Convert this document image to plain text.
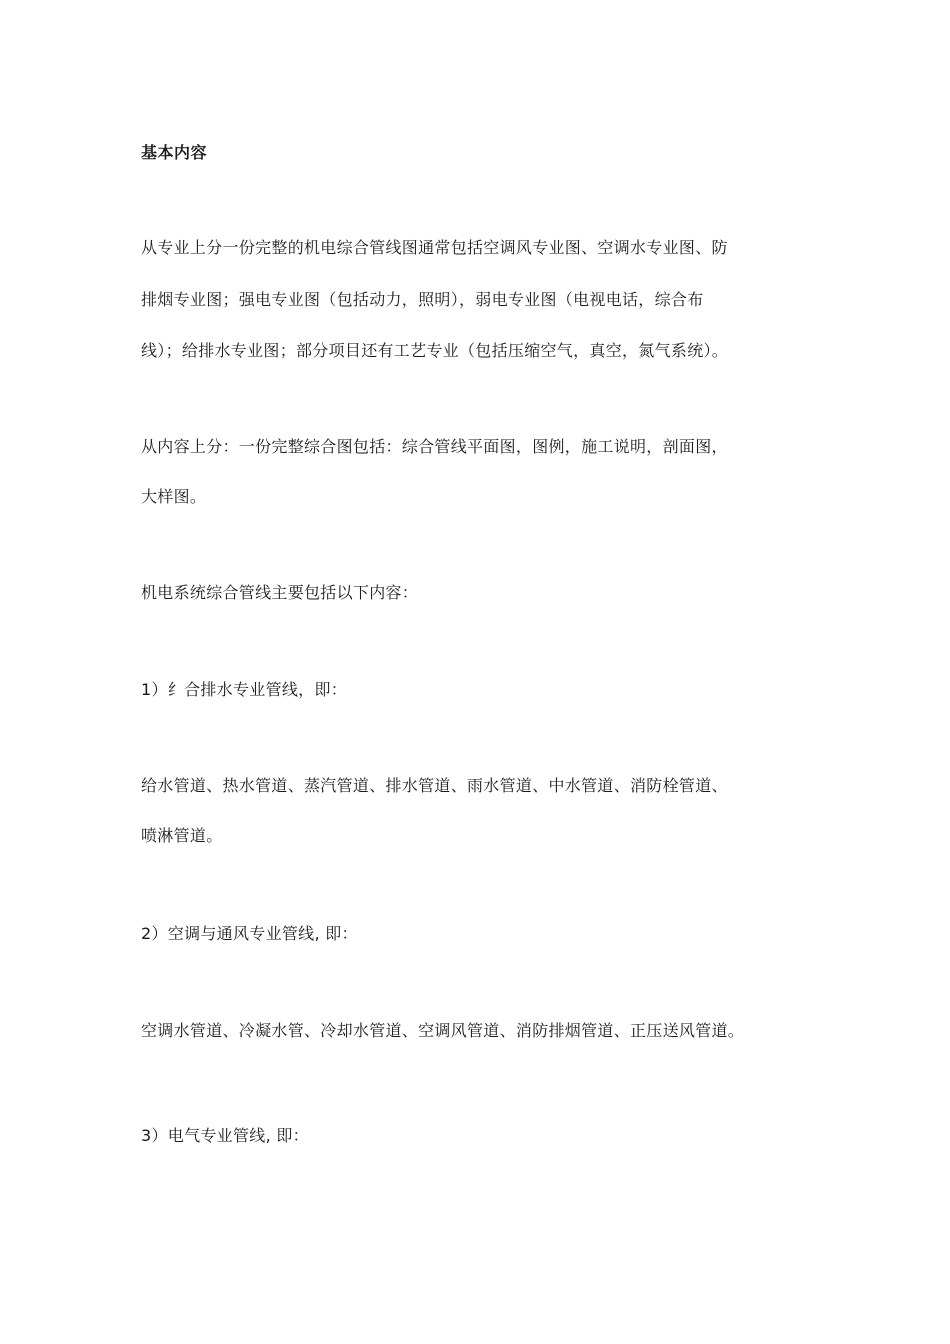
基本内容
从专业上分一份完整的机电综合管线图通常包括空调风专业图、空调水专业图、防
排烟专业图；强电专业图（包括动力，照明），弱电专业图（电视电话，综合布
线）；给排水专业图；部分项目还有工艺专业（包括压缩空气，真空，氮气系统）。
从内容上分：一份完整综合图包括：综合管线平面图，图例，施工说明，剖面图，
大样图。
机电系统综合管线主要包括以下内容：
1）纟合排水专业管线，即：
给水管道、热水管道、蒸汽管道、排水管道、雨水管道、中水管道、消防栓管道、
喷淋管道。
2）空调与通风专业管线, 即：
空调水管道、冷凝水管、冷却水管道、空调风管道、消防排烟管道、正压送风管道。
3）电气专业管线, 即：
